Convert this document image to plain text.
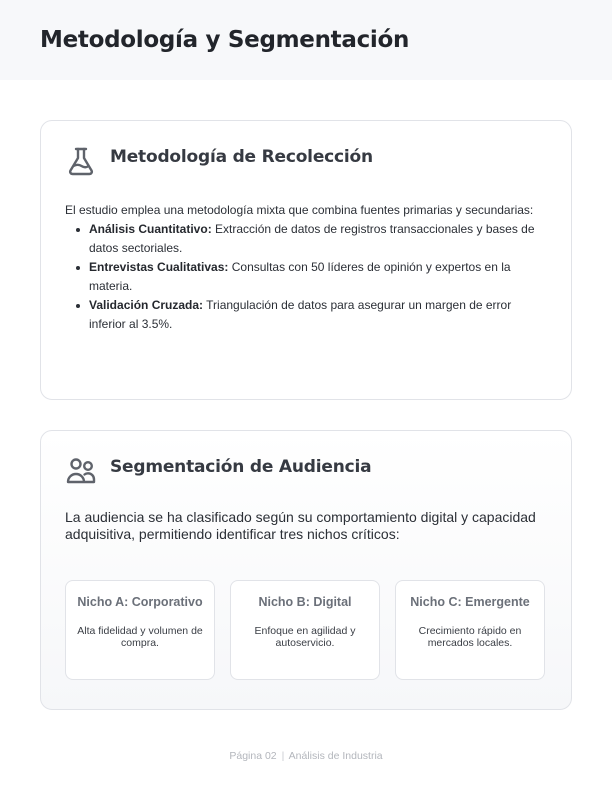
Metodología y Segmentación
Metodología de Recolección

El estudio emplea una metodología mixta que combina fuentes primarias y secundarias:

Análisis Cuantitativo: Extracción de datos de registros transaccionales y bases de datos sectoriales.
Entrevistas Cualitativas: Consultas con 50 líderes de opinión y expertos en la materia.
Validación Cruzada: Triangulación de datos para asegurar un margen de error inferior al 3.5%.
Segmentación de Audiencia

La audiencia se ha clasificado según su comportamiento digital y capacidad adquisitiva, permitiendo identificar tres nichos críticos:

Nicho A: Corporativo
Alta fidelidad y volumen de compra.
Nicho B: Digital
Enfoque en agilidad y autoservicio.
Nicho C: Emergente
Crecimiento rápido en mercados locales.
Página 02 | Análisis de Industria
